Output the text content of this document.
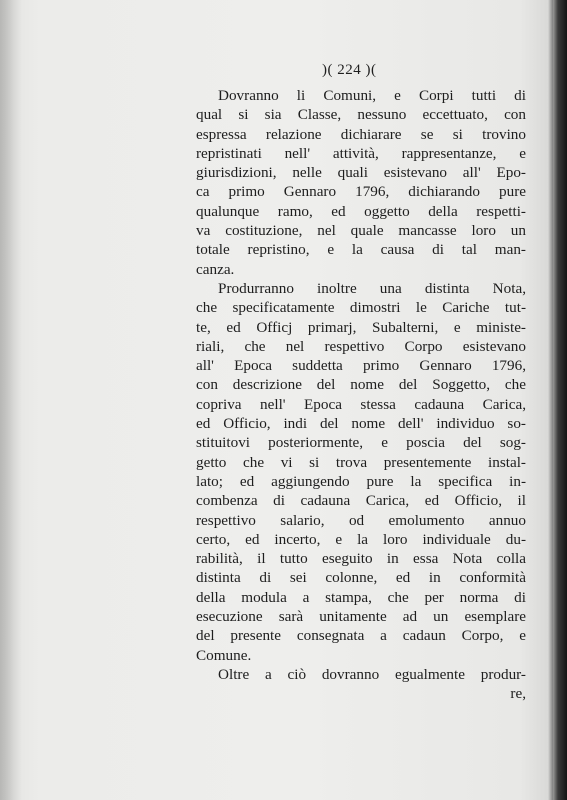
)( 224 )(
Dovranno li Comuni, e Corpi tutti di
qual si sia Classe, nessuno eccettuato, con
espressa relazione dichiarare se si trovino
repristinati nell' attività, rappresentanze, e
giurisdizioni, nelle quali esistevano all' Epo-
ca primo Gennaro 1796, dichiarando pure
qualunque ramo, ed oggetto della respetti-
va costituzione, nel quale mancasse loro un
totale repristino, e la causa di tal man-
canza.
Produrranno inoltre una distinta Nota,
che specificatamente dimostri le Cariche tut-
te, ed Officj primarj, Subalterni, e ministe-
riali, che nel respettivo Corpo esistevano
all' Epoca suddetta primo Gennaro 1796,
con descrizione del nome del Soggetto, che
copriva nell' Epoca stessa cadauna Carica,
ed Officio, indi del nome dell' individuo so-
stituitovi posteriormente, e poscia del sog-
getto che vi si trova presentemente instal-
lato; ed aggiungendo pure la specifica in-
combenza di cadauna Carica, ed Officio, il
respettivo salario, od emolumento annuo
certo, ed incerto, e la loro individuale du-
rabilità, il tutto eseguito in essa Nota colla
distinta di sei colonne, ed in conformità
della modula a stampa, che per norma di
esecuzione sarà unitamente ad un esemplare
del presente consegnata a cadaun Corpo, e
Comune.
Oltre a ciò dovranno egualmente produr-
re,
